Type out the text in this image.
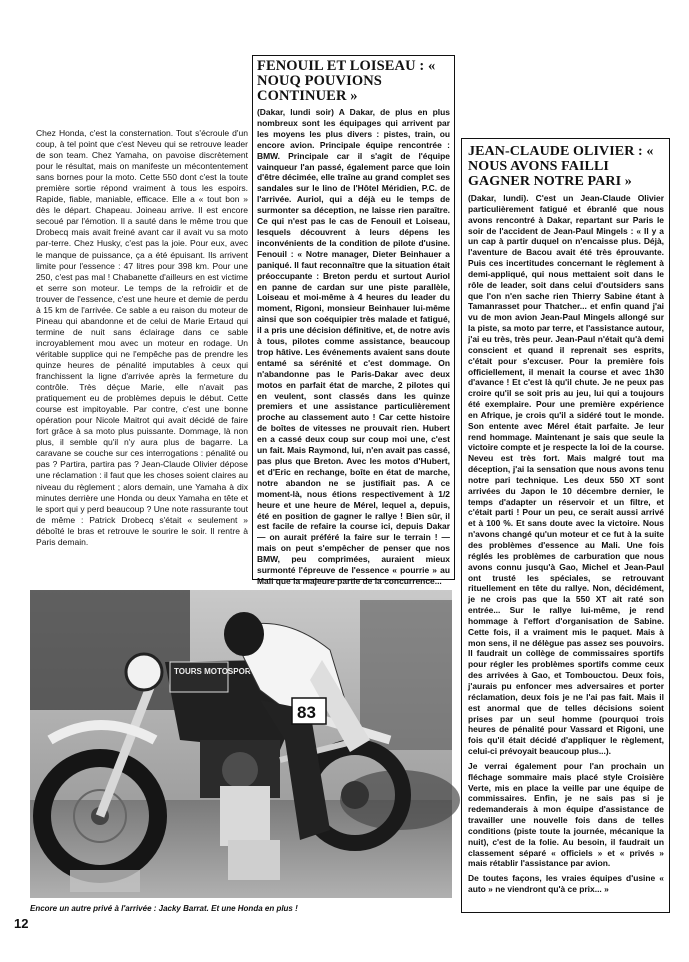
Chez Honda, c'est la consternation. Tout s'écroule d'un coup, à tel point que c'est Neveu qui se retrouve leader de son team. Chez Yamaha, on pavoise discrètement pour le résultat, mais on manifeste un mécontentement sans bornes pour la moto. Cette 550 dont c'est la toute première sortie répond vraiment à tous les espoirs. Rapide, fiable, maniable, efficace. Elle a « tout bon » dès le départ. Chapeau. Joineau arrive. Il est encore secoué par l'émotion. Il a sauté dans le même trou que Drobecq mais avait freiné avant car il avait vu sa moto par-terre. Chez Husky, c'est pas la joie. Pour eux, avec le manque de puissance, ça a été épuisant. Ils arrivent limite pour l'essence : 47 litres pour 398 km. Pour une 250, c'est pas mal ! Chabanette d'ailleurs en est victime et serre son moteur. Le temps de la refroidir et de trouver de l'essence, c'est une heure et demie de perdu à 15 km de l'arrivée. Ce sable a eu raison du moteur de Pineau qui abandonne et de celui de Marie Ertaud qui termine de nuit sans éclairage dans ce sable incroyablement mou avec un moteur en rodage. Un véritable supplice qui ne l'empêche pas de prendre les quinze heures de pénalité imputables à ceux qui franchissent la ligne d'arrivée après la fermeture du contrôle. Très déçue Marie, elle n'avait pas pratiquement eu de problèmes depuis le début. Cette course est impitoyable. Par contre, c'est une bonne opération pour Nicole Maitrot qui avait décidé de faire fort grâce à sa moto plus puissante. Dommage, là non plus, il semble qu'il n'y aura plus de bagarre. La caravane se couche sur ces interrogations : pénalité ou pas ? Partira, partira pas ? Jean-Claude Olivier dépose une réclamation : il faut que les choses soient claires au niveau du règlement ; alors demain, une Yamaha à dix minutes derrière une Honda ou deux Yamaha en tête et le sport qui y perd beaucoup ? Une note rassurante tout de même : Patrick Drobecq s'était « seulement » déboîté le bras et retrouve le sourire le soir. Il rentre à Paris demain.

FENOUIL ET LOISEAU : « NOUQ POUVIONS CONTINUER »

(Dakar, lundi soir) A Dakar, de plus en plus nombreux sont les équipages qui arrivent par les moyens les plus divers : pistes, train, ou encore avion. Principale équipe rencontrée : BMW. Principale car il s'agit de l'équipe vainqueur l'an passé, également parce que loin d'être décimée, elle traîne au grand complet ses sandales sur le lino de l'Hôtel Méridien, P.C. de l'arrivée. Auriol, qui a déjà eu le temps de surmonter sa déception, ne laisse rien paraître. Ce qui n'est pas le cas de Fenouil et Loiseau, lesquels découvrent à leurs dépens les inconvénients de la condition de pilote d'usine. Fenouil : « Notre manager, Dieter Beinhauer a paniqué. Il faut reconnaître que la situation était préoccupante : Breton perdu et surtout Auriol en panne de cardan sur une piste parallèle, Loiseau et moi-même à 4 heures du leader du moment, Rigoni, monsieur Beinhauer lui-même ainsi que son coéquipier très malade et fatigué, il a pris une décision définitive, et, de notre avis à tous, pilotes comme assistance, beaucoup trop hâtive. Les événements avaient sans doute entamé sa sérénité et c'est dommage. On n'abandonne pas le Paris-Dakar avec deux motos en parfait état de marche, 2 pilotes qui en veulent, sont classés dans les quinze premiers et une assistance particulièrement proche au classement auto ! Car cette histoire de boîtes de vitesses ne prouvait rien. Hubert en a cassé deux coup sur coup moi une, c'est un fait. Mais Raymond, lui, n'en avait pas cassé, pas plus que Breton. Avec les motos d'Hubert, et d'Eric en rechange, boîte en état de marche, notre abandon ne se justifiait pas. A ce moment-là, nous étions respectivement à 1/2 heure et une heure de Mérel, lequel a, depuis, été en position de gagner le rallye ! Bien sûr, il est facile de refaire la course ici, depuis Dakar — on aurait préféré la faire sur le terrain ! — mais on peut s'empêcher de penser que nos BMW, peu comprimées, auraient mieux surmonté l'épreuve de l'essence « pourrie » au Mali que la majeure partie de la concurrence...

JEAN-CLAUDE OLIVIER : « NOUS AVONS FAILLI GAGNER NOTRE PARI »

(Dakar, lundi). C'est un Jean-Claude Olivier particulièrement fatigué et ébranlé que nous avons rencontré à Dakar, repartant sur Paris le soir de l'accident de Jean-Paul Mingels : « Il y a un cap à partir duquel on n'encaisse plus. Déjà, l'aventure de Bacou avait été très éprouvante. Puis ces incertitudes concernant le règlement à demi-appliqué, qui nous mettaient soit dans le rôle de leader, soit dans celui d'outsiders sans que l'on n'en sache rien Thierry Sabine étant à Tamanrasset pour Thatcher... et enfin quand j'ai vu de mon avion Jean-Paul Mingels allongé sur la piste, sa moto par terre, et l'assistance autour, j'ai eu très, très peur. Jean-Paul n'était qu'à demi conscient et quand il reprenait ses esprits, c'était pour s'excuser. Pour la première fois officiellement, il menait la course et avec 1h30 d'avance ! Et c'est là qu'il chute. Je ne peux pas croire qu'il se soit pris au jeu, lui qui a toujours été exemplaire. Pour une première expérience en Afrique, je crois qu'il a sidéré tout le monde. Son entente avec Mérel était parfaite. Je leur rend hommage. Maintenant je sais que seule la victoire compte et je respecte la loi de la course. Neveu est très fort. Mais malgré tout ma déception, j'ai la sensation que nous avons tenu notre pari technique. Les deux 550 XT sont arrivées du Japon le 10 décembre dernier, le temps d'adapter un réservoir et un filtre, et c'était parti ! Pour un peu, ce serait aussi arrivé et à 100 %. Et sans doute avec la victoire. Nous n'avons changé qu'un moteur et ce fut à la suite des problèmes d'essence au Mali. Une fois réglés les problèmes de carburation que nous avons connu jusqu'à Gao, Michel et Jean-Paul ont trusté les spéciales, se retrouvant rituellement en tête du rallye. Non, décidément, je ne crois pas que la 550 XT ait raté son entrée... Sur le rallye lui-même, je rend hommage à l'effort d'organisation de Sabine. Cette fois, il a vraiment mis le paquet. Mais à mon sens, il ne délègue pas assez ses pouvoirs. Il faudrait un collège de commissaires sportifs pour régler les problèmes sportifs comme ceux des arrivées à Gao, et Tombouctou. Deux fois, j'aurais pu enfoncer mes adversaires et porter réclamation, deux fois je ne l'ai pas fait. Mais il est anormal que de telles décisions soient prises par un seul homme (pourquoi trois heures de pénalité pour Vassard et Rigoni, une fois qu'il était décidé d'appliquer le règlement, celui-ci prévoyait beaucoup plus...).

Je verrai également pour l'an prochain un fléchage sommaire mais placé style Croisière Verte, mis en place la veille par une équipe de commissaires. Enfin, je ne sais pas si je redemanderais à mon équipe d'assistance de travailler une nouvelle fois dans de telles conditions (piste toute la journée, mécanique la nuit), c'est de la folie. Au besoin, il faudrait un classement séparé « officiels » et « privés » mais rétablir l'assistance par avion.

De toutes façons, les vraies équipes d'usine « auto » ne viendront qu'à ce prix... »

TOURS MOTOSPOR
83
Encore un autre privé à l'arrivée : Jacky Barrat. Et une Honda en plus !
12
